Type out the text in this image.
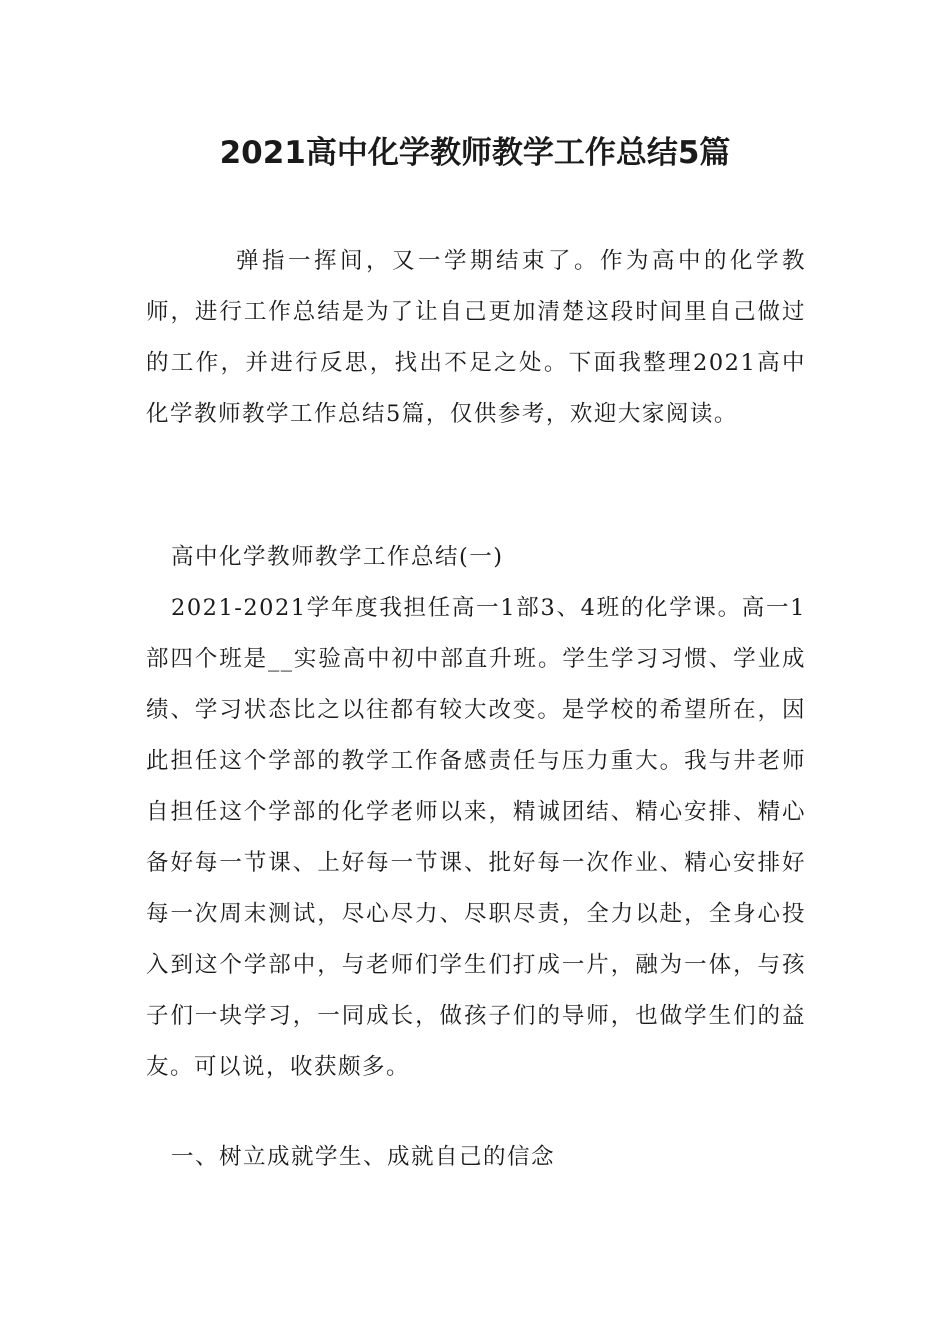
2021高中化学教师教学工作总结5篇

弹指一挥间，又一学期结束了。作为高中的化学教师，进行工作总结是为了让自己更加清楚这段时间里自己做过的工作，并进行反思，找出不足之处。下面我整理2021高中化学教师教学工作总结5篇，仅供参考，欢迎大家阅读。

高中化学教师教学工作总结(一)

2021-2021学年度我担任高一1部3、4班的化学课。高一1部四个班是__实验高中初中部直升班。学生学习习惯、学业成绩、学习状态比之以往都有较大改变。是学校的希望所在，因此担任这个学部的教学工作备感责任与压力重大。我与井老师自担任这个学部的化学老师以来，精诚团结、精心安排、精心备好每一节课、上好每一节课、批好每一次作业、精心安排好每一次周末测试，尽心尽力、尽职尽责，全力以赴，全身心投入到这个学部中，与老师们学生们打成一片，融为一体，与孩子们一块学习，一同成长，做孩子们的导师，也做学生们的益友。可以说，收获颇多。

一、树立成就学生、成就自己的信念
